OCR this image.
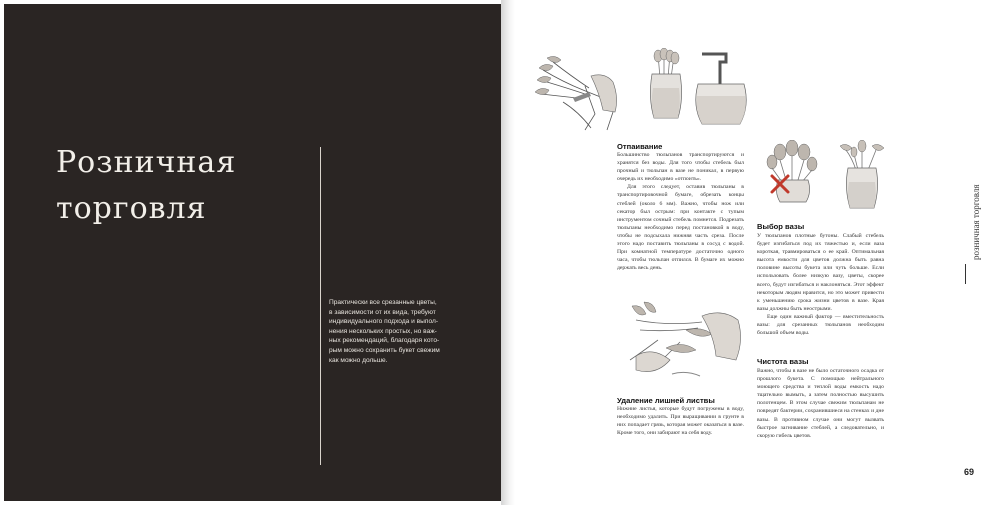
Розничная
торговля
Практически все срезанные цветы,
в зависимости от их вида, требуют
индивидуального подхода и выпол-
нения нескольких простых, но важ-
ных рекомендаций, благодаря кото-
рым можно сохранить букет свежим
как можно дольше.
Отпаивание

Большинство тюльпанов транспортируются и хранятся без воды. Для того чтобы стебель был прочный и тюльпан в вазе не поникал, в первую очередь их необходимо «отпоить».

Для этого следует, оставив тюльпаны в транспортировочной бумаге, обрезать концы стеблей (около 6 мм). Важно, чтобы нож или секатор был острым: при контакте с тупым инструментом сочный стебель помнется. Подрезать тюльпаны необходимо перед постановкой в воду, чтобы не подсыхала нижняя часть среза. После этого надо поставить тюльпаны в сосуд с водой. При комнатной температуре достаточно одного часа, чтобы тюльпан отпился. В бумаге их можно держать весь день.

Выбор вазы

У тюльпанов плотные бутоны. Слабый стебель будет изгибаться под их тяжестью и, если ваза короткая, травмироваться о ее край. Оптимальная высота емкости для цветов должна быть равна половине высоты букета или чуть больше. Если использовать более низкую вазу, цветы, скорее всего, будут изгибаться и наклоняться. Этот эффект некоторым людям нравится, но это может привести к уменьшению срока жизни цветов в вазе. Края вазы должны быть неострыми.

Еще один важный фактор — вместительность вазы: для срезанных тюльпанов необходим большой объем воды.

Удаление лишней листвы

Нижние листья, которые будут погружены в воду, необходимо удалить. При выращивании в грунте в них попадает грязь, которая может оказаться в вазе. Кроме того, они забирают на себя воду.

Чистота вазы

Важно, чтобы в вазе не было остаточного осадка от прошлого букета. С помощью нейтрального моющего средства и теплой воды емкость надо тщательно вымыть, а затем полностью высушить полотенцем. В этом случае свежим тюльпанам не повредят бактерии, сохранившиеся на стенках и дне вазы. В противном случае они могут вызвать быстрое загнивание стеблей, а следовательно, и скорую гибель цветов.

розничная торговля
69
